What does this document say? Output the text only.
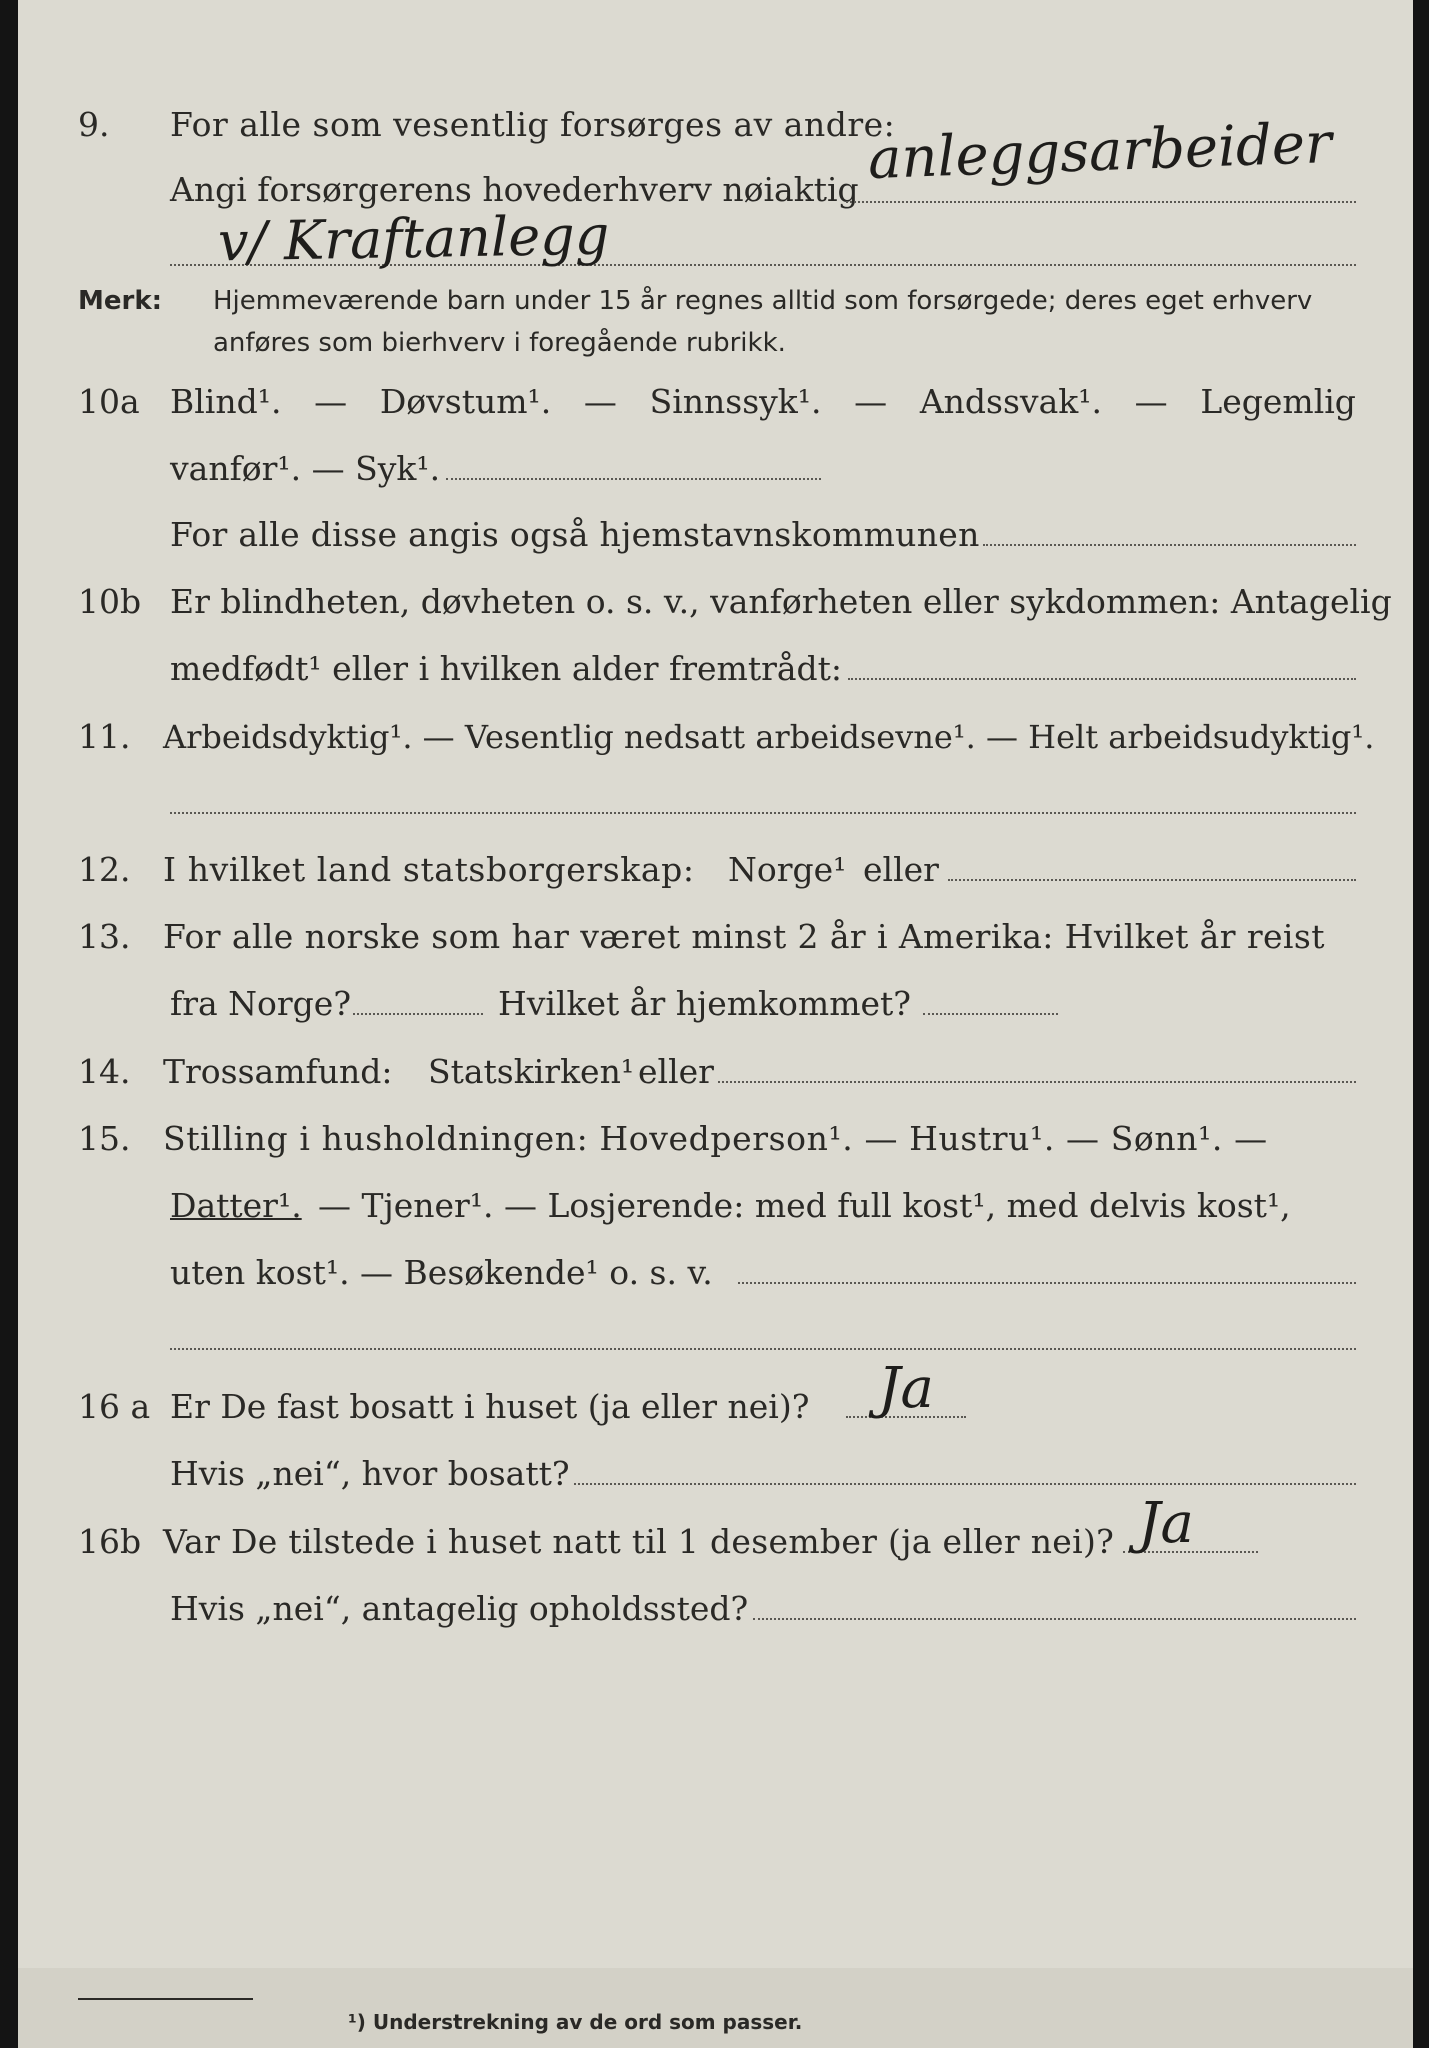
9. For alle som vesentlig forsørges av andre:
Angi forsørgerens hovederhverv nøiaktig anleggsarbeider
v/ Kraftanlegg
Merk: Hjemmeværende barn under 15 år regnes alltid som forsørgede; deres eget erhverv
anføres som bierhverv i foregående rubrikk.
10a Blind¹. — Døvstum¹. — Sinnssyk¹. — Andssvak¹. — Legemlig
vanfør¹. — Syk¹.
For alle disse angis også hjemstavnskommunen
10b Er blindheten, døvheten o. s. v., vanførheten eller sykdommen: Antagelig
medfødt¹ eller i hvilken alder fremtrådt:
11. Arbeidsdyktig¹. — Vesentlig nedsatt arbeidsevne¹. — Helt arbeidsudyktig¹.
12. I hvilket land statsborgerskap: Norge¹ eller
13. For alle norske som har været minst 2 år i Amerika: Hvilket år reist
fra Norge?	Hvilket år hjemkommet?
14. Trossamfund: Statskirken¹ eller
15. Stilling i husholdningen: Hovedperson¹. — Hustru¹. — Sønn¹. —
Datter¹. — Tjener¹. — Losjerende: med full kost¹, med delvis kost¹,
uten kost¹. — Besøkende¹ o. s. v.
16 a Er De fast bosatt i huset (ja eller nei)? Ja
Hvis „nei“, hvor bosatt?
16b Var De tilstede i huset natt til 1 desember (ja eller nei)? Ja
Hvis „nei“, antagelig opholdssted?
¹) Understrekning av de ord som passer.
